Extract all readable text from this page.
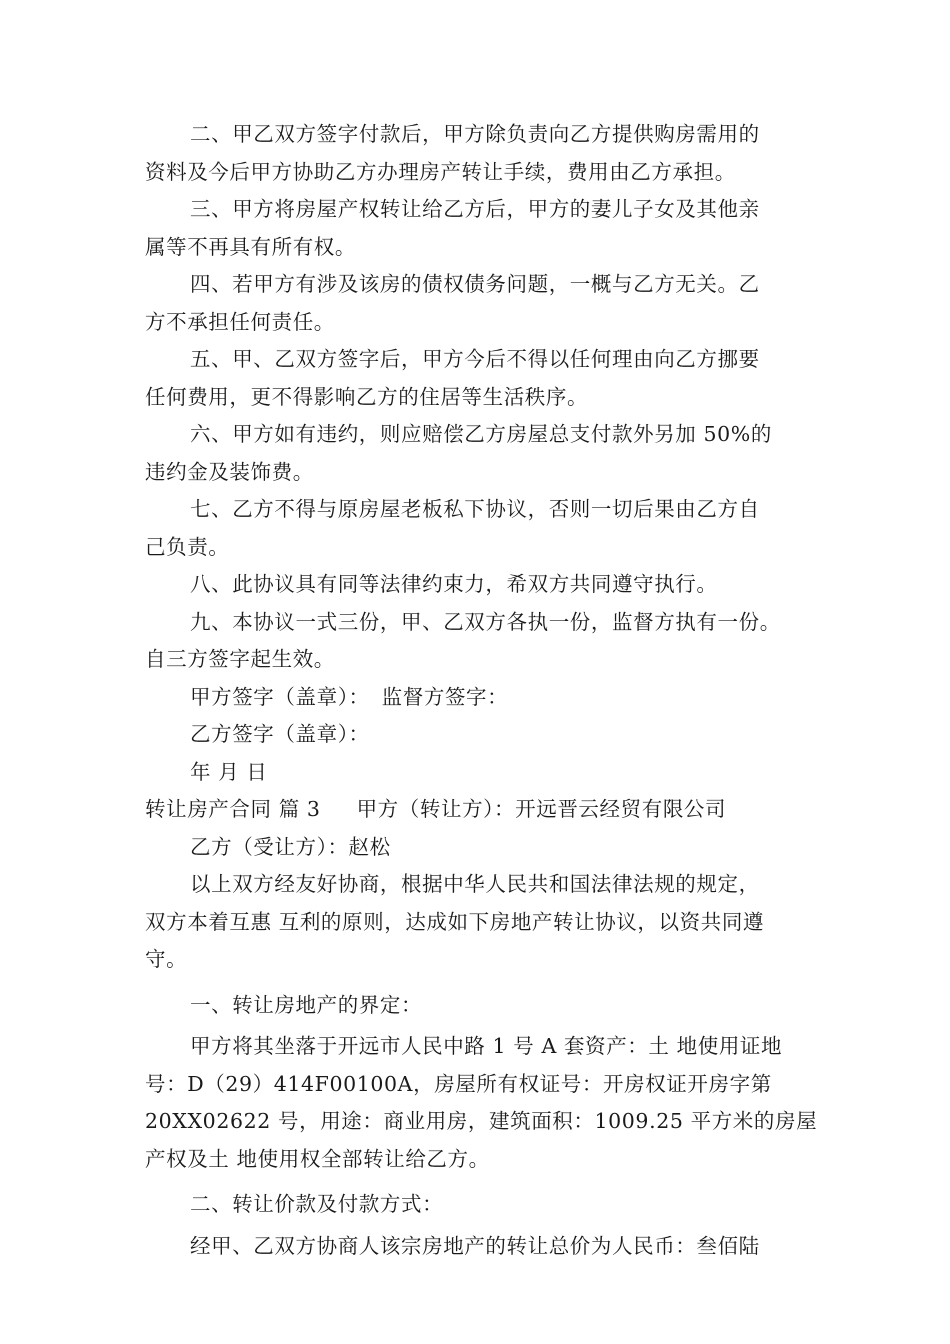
二、甲乙双方签字付款后，甲方除负责向乙方提供购房需用的
资料及今后甲方协助乙方办理房产转让手续，费用由乙方承担。
三、甲方将房屋产权转让给乙方后，甲方的妻儿子女及其他亲
属等不再具有所有权。
四、若甲方有涉及该房的债权债务问题，一概与乙方无关。乙
方不承担任何责任。
五、甲、乙双方签字后，甲方今后不得以任何理由向乙方挪要
任何费用，更不得影响乙方的住居等生活秩序。
六、甲方如有违约，则应赔偿乙方房屋总支付款外另加 50%的
违约金及装饰费。
七、乙方不得与原房屋老板私下协议，否则一切后果由乙方自
己负责。
八、此协议具有同等法律约束力，希双方共同遵守执行。
九、本协议一式三份，甲、乙双方各执一份，监督方执有一份。
自三方签字起生效。
甲方签字（盖章）： 监督方签字：
乙方签字（盖章）：
年 月 日
转让房产合同 篇 3 甲方（转让方）：开远晋云经贸有限公司
乙方（受让方）：赵松
以上双方经友好协商，根据中华人民共和国法律法规的规定，
双方本着互惠 互利的原则，达成如下房地产转让协议，以资共同遵
守。
一、转让房地产的界定：
甲方将其坐落于开远市人民中路 1 号 A 套资产：土 地使用证地
号：D（29）414F00100A，房屋所有权证号：开房权证开房字第
20XX02622 号，用途：商业用房，建筑面积：1009.25 平方米的房屋
产权及土 地使用权全部转让给乙方。
二、转让价款及付款方式：
经甲、乙双方协商人该宗房地产的转让总价为人民币：叁佰陆
